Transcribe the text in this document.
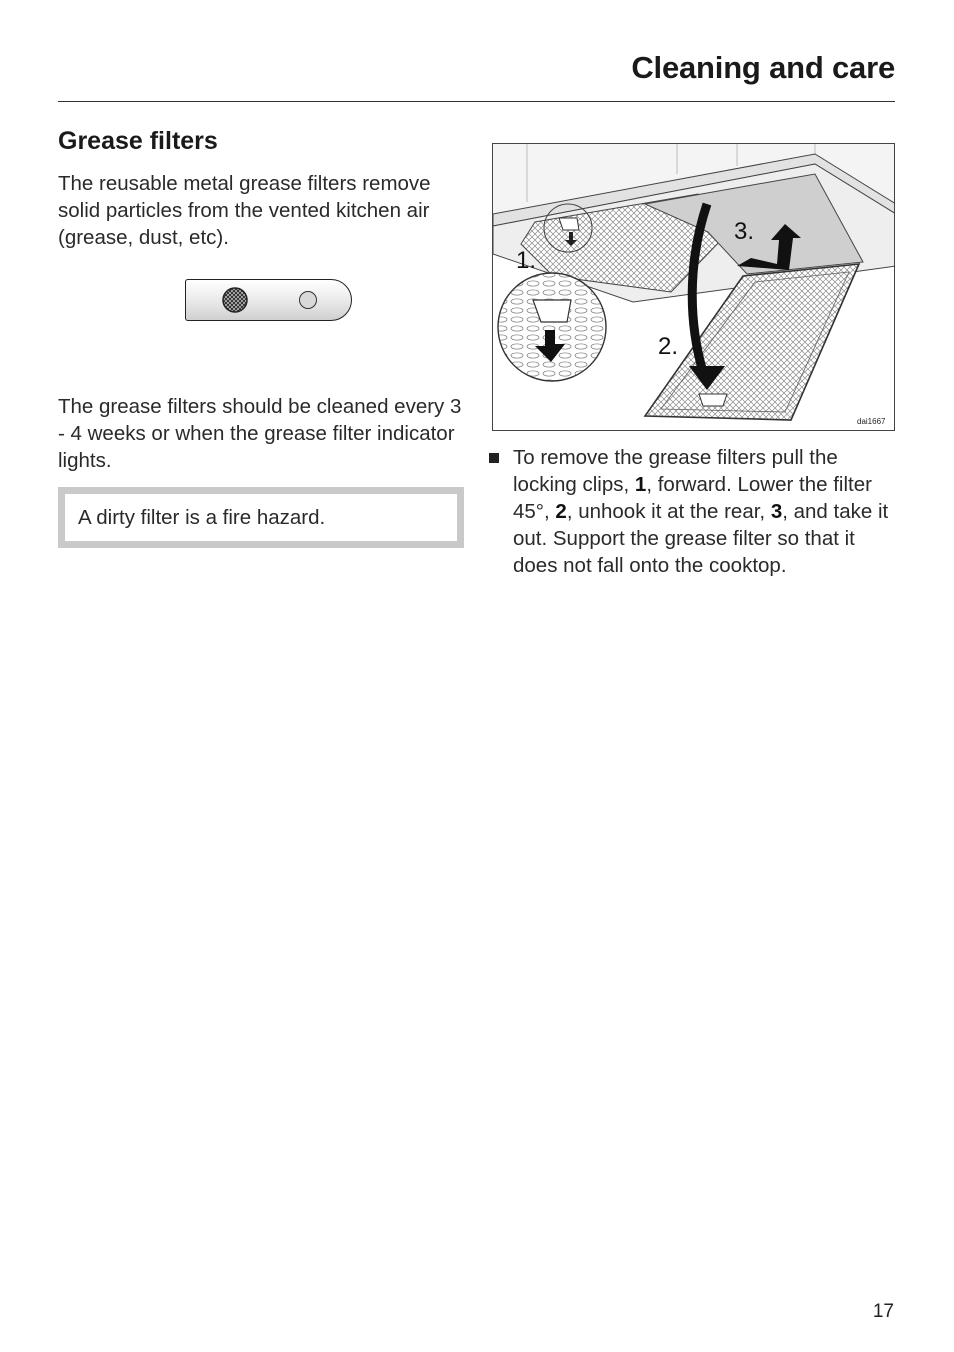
Cleaning and care
Grease filters

The reusable metal grease filters remove solid particles from the vented kitchen air (grease, dust, etc).

The grease filters should be cleaned every 3 - 4 weeks or when the grease filter indicator lights.

A dirty filter is a fire hazard.
1.
2.
3.
dai1667
To remove the grease filters pull the locking clips, 1, forward. Lower the filter 45°, 2, unhook it at the rear, 3, and take it out. Support the grease filter so that it does not fall onto the cooktop.
17
